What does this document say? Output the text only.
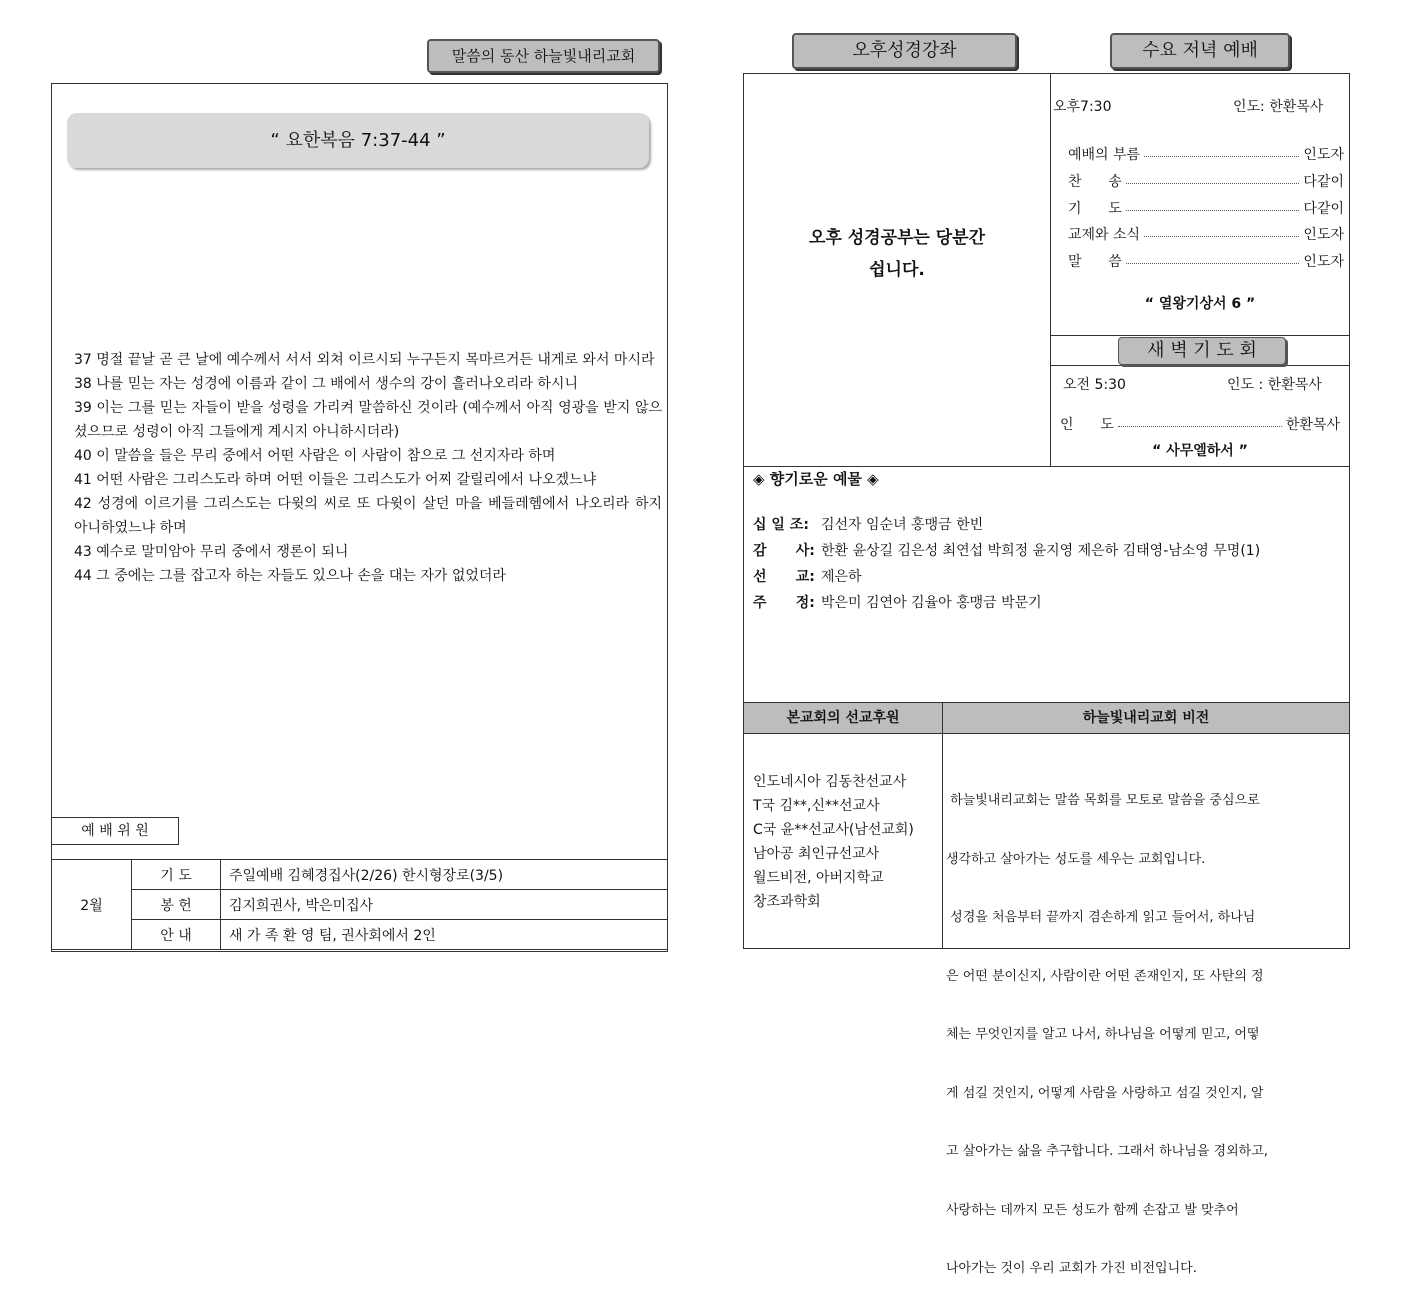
말씀의 동산 하늘빛내리교회
“ 요한복음 7:37-44 ”
37 명절 끝날 곧 큰 날에 예수께서 서서 외쳐 이르시되 누구든지 목마르거든 내게로 와서 마시라
38 나를 믿는 자는 성경에 이름과 같이 그 배에서 생수의 강이 흘러나오리라 하시니
39 이는 그를 믿는 자들이 받을 성령을 가리켜 말씀하신 것이라 (예수께서 아직 영광을 받지 않으셨으므로 성령이 아직 그들에게 계시지 아니하시더라)
40 이 말씀을 들은 무리 중에서 어떤 사람은 이 사람이 참으로 그 선지자라 하며
41 어떤 사람은 그리스도라 하며 어떤 이들은 그리스도가 어찌 갈릴리에서 나오겠느냐
42 성경에 이르기를 그리스도는 다윗의 씨로 또 다윗이 살던 마을 베들레헴에서 나오리라 하지 아니하였느냐 하며
43 예수로 말미암아 무리 중에서 쟁론이 되니
44 그 중에는 그를 잡고자 하는 자들도 있으나 손을 대는 자가 없었더라
예 배 위 원
2월	기 도	주일예배 김혜경집사(2/26) 한시형장로(3/5)
	봉 헌	김지희권사, 박은미집사
	안 내	새 가 족 환 영 팀, 권사회에서 2인
오후성경강좌	수요 저녁 예배
오후 성경공부는 당분간
쉽니다.
오후7:30	인도: 한환목사
예배의 부름	인도자
찬      송	다같이
기      도	다같이
교제와 소식	인도자
말      씀	인도자
“ 열왕기상서 6 ”
새 벽 기 도 회
오전 5:30	인도 : 한환목사
인      도	한환목사
“ 사무엘하서 ”
◈ 향기로운 예물 ◈
십 일 조: 김선자 임순녀 홍맹금 한빈
감      사: 한환 윤상길 김은성 최연섭 박희정 윤지영 제은하 김태영-남소영 무명(1)
선      교: 제은하
주      정: 박은미 김연아 김율아 홍맹금 박문기
본교회의 선교후원	하늘빛내리교회 비전
인도네시아 김동찬선교사
T국 김**,신**선교사
C국 윤**선교사(남선교회)
남아공 최인규선교사
월드비전, 아버지학교
창조과학회

하늘빛내리교회는 말씀 목회를 모토로 말씀을 중심으로

생각하고 살아가는 성도를 세우는 교회입니다.

성경을 처음부터 끝까지 겸손하게 읽고 들어서, 하나님

은 어떤 분이신지, 사람이란 어떤 존재인지, 또 사탄의 정

체는 무엇인지를 알고 나서, 하나님을 어떻게 믿고, 어떻

게 섬길 것인지, 어떻게 사람을 사랑하고 섬길 것인지, 알

고 살아가는 삶을 추구합니다. 그래서 하나님을 경외하고,

사랑하는 데까지 모든 성도가 함께 손잡고 발 맞추어

나아가는 것이 우리 교회가 가진 비전입니다.
